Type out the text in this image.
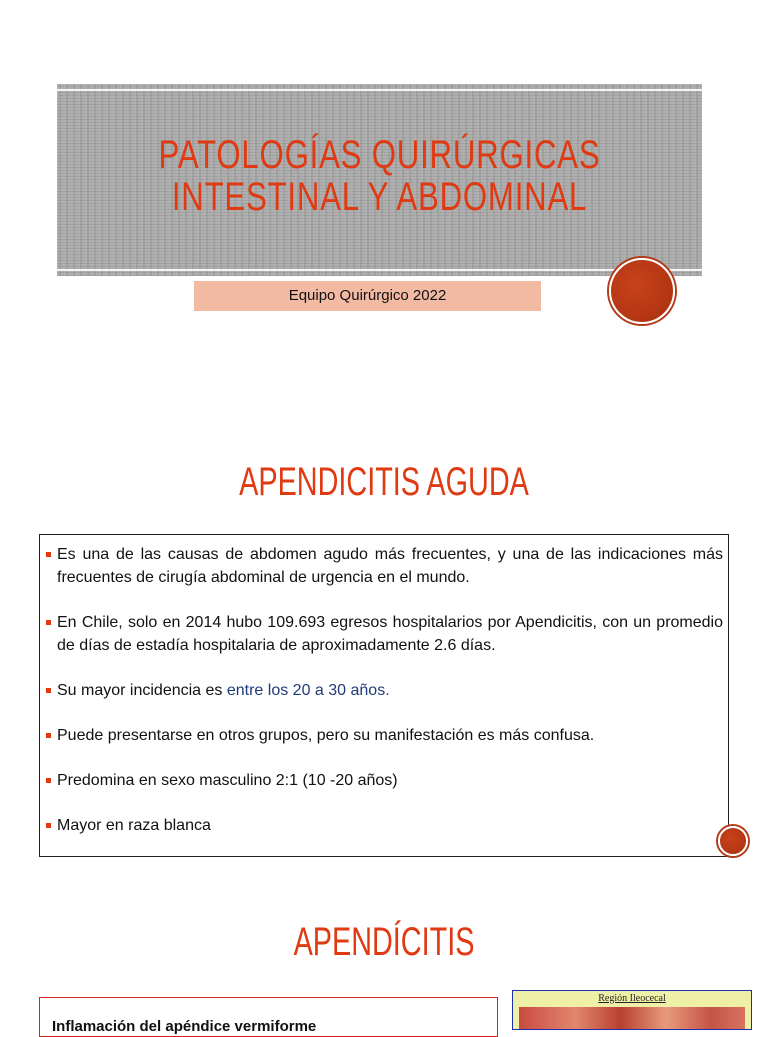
PATOLOGÍAS QUIRÚRGICAS
INTESTINAL Y ABDOMINAL
Equipo Quirúrgico 2022
APENDICITIS AGUDA
Es una de las causas de abdomen agudo más frecuentes, y una de las indicaciones más frecuentes de cirugía abdominal de urgencia en el mundo.
En Chile, solo en 2014 hubo 109.693 egresos hospitalarios por Apendicitis, con un promedio de días de estadía hospitalaria de aproximadamente 2.6 días.
Su mayor incidencia es entre los 20 a 30 años.
Puede presentarse en otros grupos, pero su manifestación es más confusa.
Predomina en sexo masculino 2:1 (10 -20 años)
Mayor en raza blanca
APENDÍCITIS
Inflamación del apéndice vermiforme
Región Ileocecal
